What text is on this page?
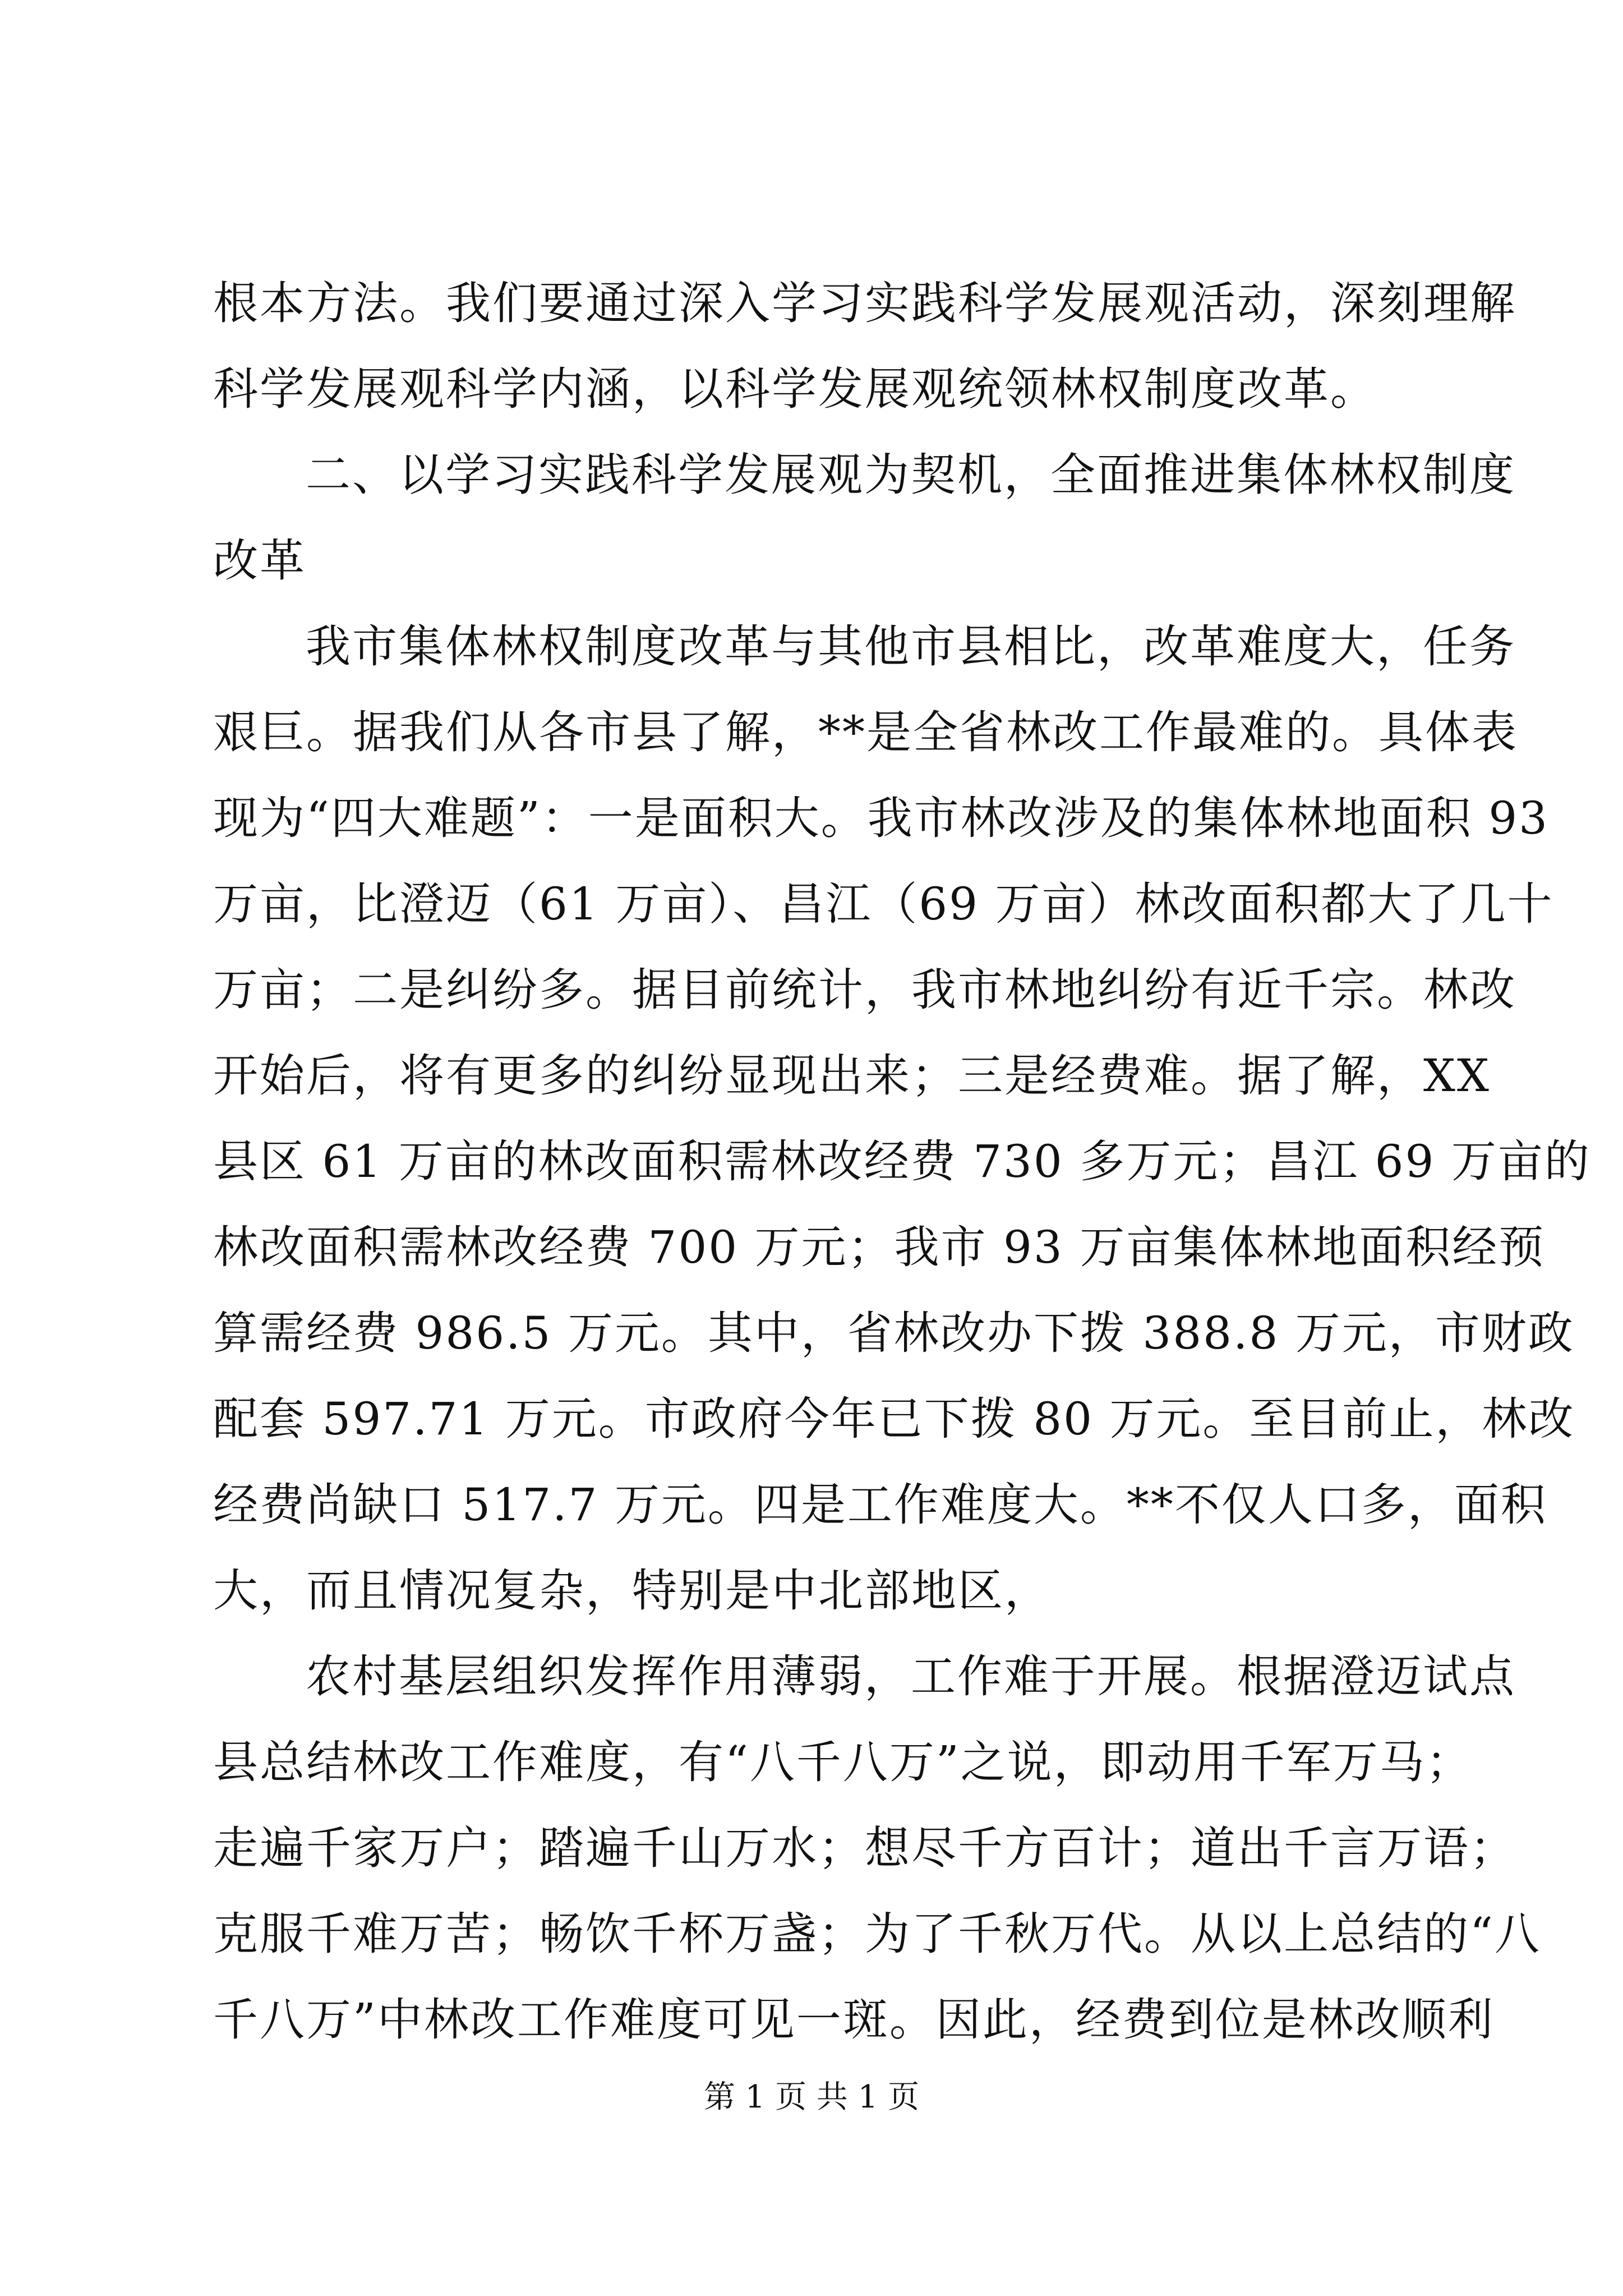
根本方法。我们要通过深入学习实践科学发展观活动，深刻理解
科学发展观科学内涵，以科学发展观统领林权制度改革。
二、以学习实践科学发展观为契机，全面推进集体林权制度
改革
我市集体林权制度改革与其他市县相比，改革难度大，任务
艰巨。据我们从各市县了解，**是全省林改工作最难的。具体表
现为“四大难题”：一是面积大。我市林改涉及的集体林地面积 93
万亩，比澄迈（61 万亩）、昌江（69 万亩）林改面积都大了几十
万亩；二是纠纷多。据目前统计，我市林地纠纷有近千宗。林改
开始后，将有更多的纠纷显现出来；三是经费难。据了解，XX
县区 61 万亩的林改面积需林改经费 730 多万元；昌江 69 万亩的
林改面积需林改经费 700 万元；我市 93 万亩集体林地面积经预
算需经费 986.5 万元。其中，省林改办下拨 388.8 万元，市财政
配套 597.71 万元。市政府今年已下拨 80 万元。至目前止，林改
经费尚缺口 517.7 万元。四是工作难度大。**不仅人口多，面积
大，而且情况复杂，特别是中北部地区，
农村基层组织发挥作用薄弱，工作难于开展。根据澄迈试点
县总结林改工作难度，有“八千八万”之说，即动用千军万马；
走遍千家万户；踏遍千山万水；想尽千方百计；道出千言万语；
克服千难万苦；畅饮千杯万盏；为了千秋万代。从以上总结的“八
千八万”中林改工作难度可见一斑。因此，经费到位是林改顺利
第 1 页 共 1 页
